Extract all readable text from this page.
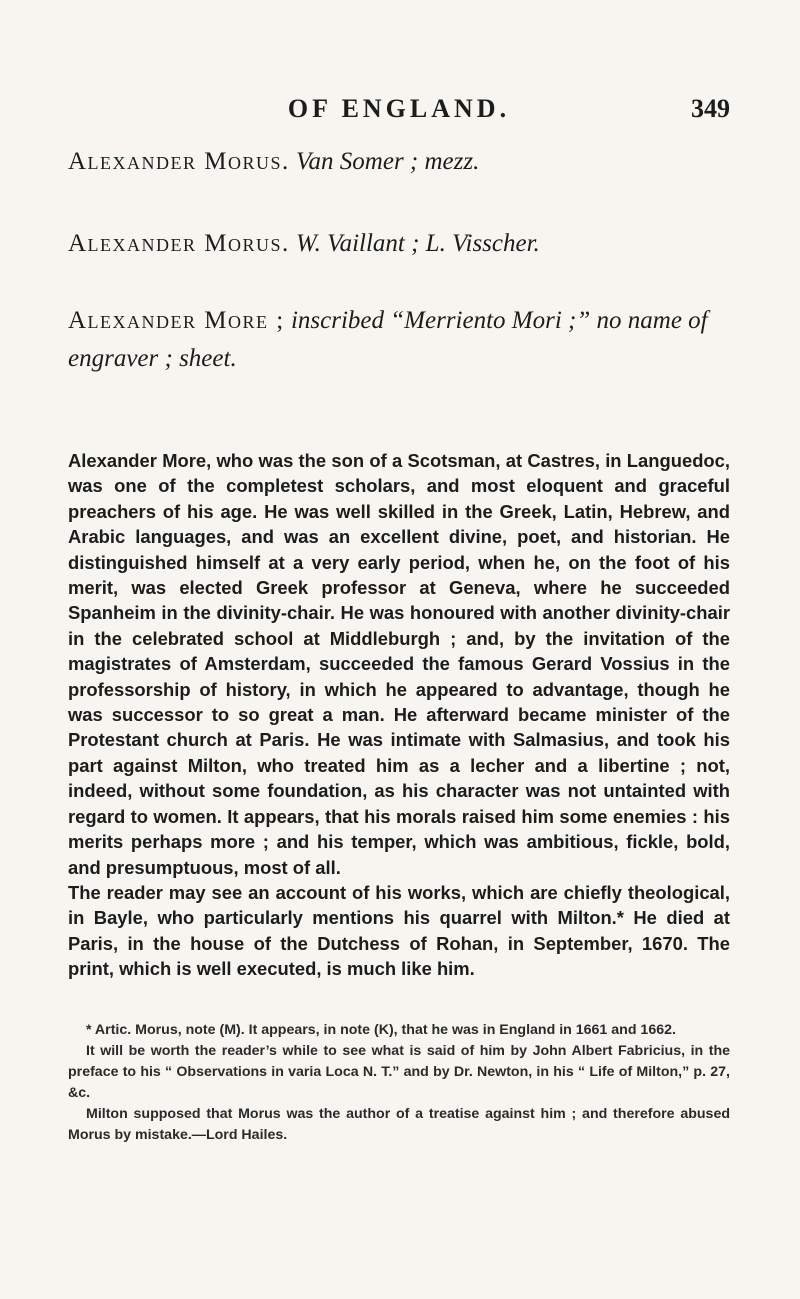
OF ENGLAND.	349
Alexander Morus. Van Somer ; mezz.
Alexander Morus. W. Vaillant ; L. Visscher.
Alexander More ; inscribed “Merriento Mori ;” no name of engraver ; sheet.

Alexander More, who was the son of a Scotsman, at Castres, in Languedoc, was one of the completest scholars, and most eloquent and graceful preachers of his age. He was well skilled in the Greek, Latin, Hebrew, and Arabic languages, and was an excellent divine, poet, and historian. He distinguished himself at a very early period, when he, on the foot of his merit, was elected Greek professor at Geneva, where he succeeded Spanheim in the divinity-chair. He was honoured with another divinity-chair in the celebrated school at Middleburgh ; and, by the invitation of the magistrates of Amsterdam, succeeded the famous Gerard Vossius in the professorship of history, in which he appeared to advantage, though he was successor to so great a man. He afterward became minister of the Protestant church at Paris. He was intimate with Salmasius, and took his part against Milton, who treated him as a lecher and a libertine ; not, indeed, without some foundation, as his character was not untainted with regard to women. It appears, that his morals raised him some enemies : his merits perhaps more ; and his temper, which was ambitious, fickle, bold, and presumptuous, most of all.

The reader may see an account of his works, which are chiefly theological, in Bayle, who particularly mentions his quarrel with Milton.* He died at Paris, in the house of the Dutchess of Rohan, in September, 1670. The print, which is well executed, is much like him.

* Artic. Morus, note (M). It appears, in note (K), that he was in England in 1661 and 1662.

It will be worth the reader’s while to see what is said of him by John Albert Fabricius, in the preface to his “ Observations in varia Loca N. T.” and by Dr. Newton, in his “ Life of Milton,” p. 27, &c.

Milton supposed that Morus was the author of a treatise against him ; and therefore abused Morus by mistake.—Lord Hailes.
